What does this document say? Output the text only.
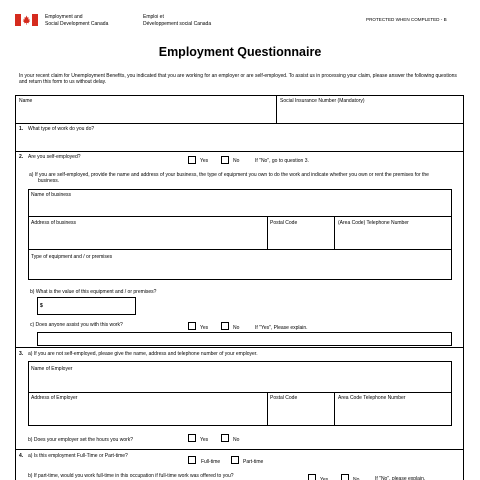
Employment and
Social Development Canada
Emploi et
Développement social Canada
PROTECTED WHEN COMPLETED - B
Employment Questionnaire
In your recent claim for Unemployment Benefits, you indicated that you are working for an employer or are self-employed. To assist us in processing your claim, please answer the following questions and return this form to us without delay.
Name	Social Insurance Number (Mandatory)
1. What type of work do you do?
2. Are you self-employed?
Yes	No	If "No", go to question 3.
a) If you are self-employed, provide the name and address of your business, the type of equipment you own to do the work and indicate whether you own or rent the premises for the business.
Name of business
Address of business	Postal Code	(Area Code) Telephone Number
Type of equipment and / or premises
b) What is the value of this equipment and / or premises?
$
c) Does anyone assist you with this work?	Yes	No	If "Yes", Please explain.
3. a) If you are not self-employed, please give the name, address and telephone number of your employer.
Name of Employer
Address of Employer	Postal Code	Area Code Telephone Number
b) Does your employer set the hours you work?	Yes	No
4. a) Is this employment Full-Time or Part-time?
Full-time	Part-time
b) If part-time, would you work full-time in this occupation if full-time work was offered to you?
Yes	No	If "No", please explain.
